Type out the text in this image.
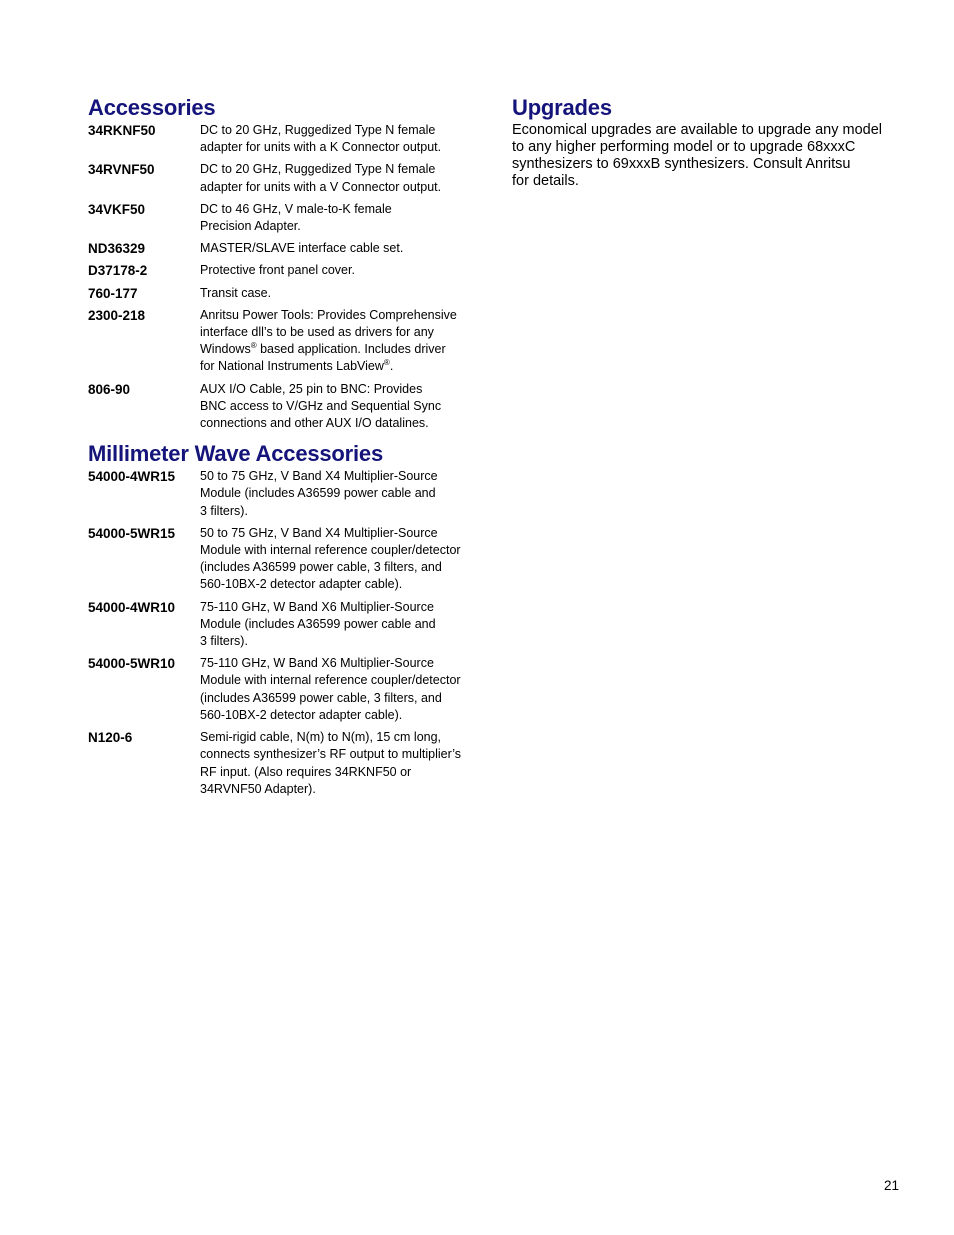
Accessories
34RKNF50	DC to 20 GHz, Ruggedized Type N female
adapter for units with a K Connector output.
34RVNF50	DC to 20 GHz, Ruggedized Type N female
adapter for units with a V Connector output.
34VKF50	DC to 46 GHz, V male-to-K female
Precision Adapter.
ND36329	MASTER/SLAVE interface cable set.
D37178-2	Protective front panel cover.
760-177	Transit case.
2300-218	Anritsu Power Tools: Provides Comprehensive
interface dll’s to be used as drivers for any
Windows® based application. Includes driver
for National Instruments LabView®.
806-90	AUX I/O Cable, 25 pin to BNC: Provides
BNC access to V/GHz and Sequential Sync
connections and other AUX I/O datalines.
Millimeter Wave Accessories
54000-4WR15	50 to 75 GHz, V Band X4 Multiplier-Source
Module (includes A36599 power cable and
3 filters).
54000-5WR15	50 to 75 GHz, V Band X4 Multiplier-Source
Module with internal reference coupler/detector
(includes A36599 power cable, 3 filters, and
560-10BX-2 detector adapter cable).
54000-4WR10	75-110 GHz, W Band X6 Multiplier-Source
Module (includes A36599 power cable and
3 filters).
54000-5WR10	75-110 GHz, W Band X6 Multiplier-Source
Module with internal reference coupler/detector
(includes A36599 power cable, 3 filters, and
560-10BX-2 detector adapter cable).
N120-6	Semi-rigid cable, N(m) to N(m), 15 cm long,
connects synthesizer’s RF output to multiplier’s
RF input. (Also requires 34RKNF50 or
34RVNF50 Adapter).
Upgrades

Economical upgrades are available to upgrade any model
to any higher performing model or to upgrade 68xxxC
synthesizers to 69xxxB synthesizers. Consult Anritsu
for details.

21
